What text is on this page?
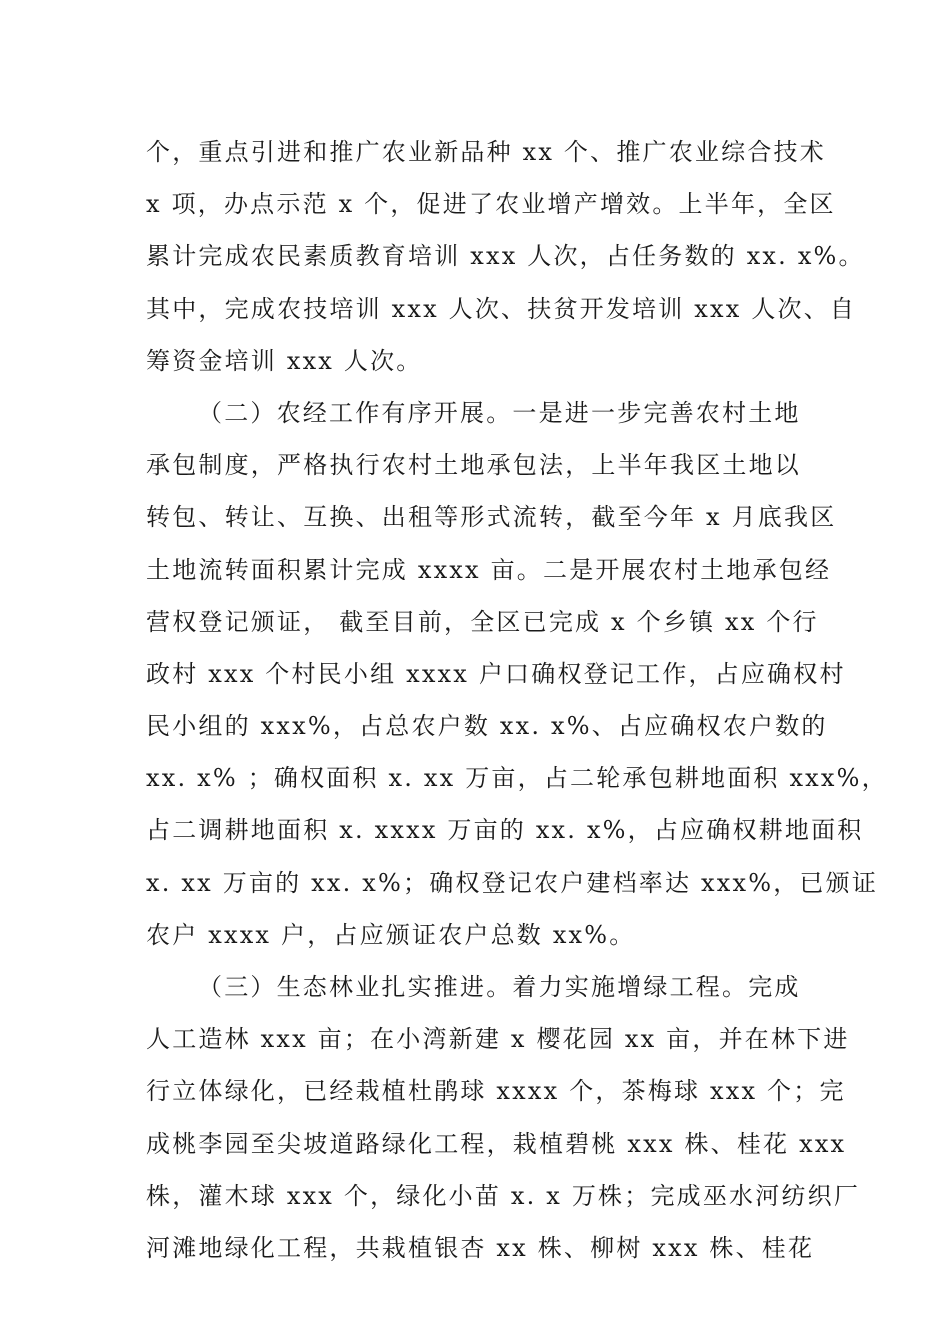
个，重点引进和推广农业新品种 xx 个、推广农业综合技术
x 项，办点示范 x 个，促进了农业增产增效。上半年，全区
累计完成农民素质教育培训 xxx 人次，占任务数的 xx. x%。
其中，完成农技培训 xxx 人次、扶贫开发培训 xxx 人次、自
筹资金培训 xxx 人次。
（二）农经工作有序开展。一是进一步完善农村土地
承包制度，严格执行农村土地承包法，上半年我区土地以
转包、转让、互换、出租等形式流转，截至今年 x 月底我区
土地流转面积累计完成 xxxx 亩。二是开展农村土地承包经
营权登记颁证， 截至目前，全区已完成 x 个乡镇 xx 个行
政村 xxx 个村民小组 xxxx 户口确权登记工作，占应确权村
民小组的 xxx%，占总农户数 xx. x%、占应确权农户数的
xx. x% ；确权面积 x. xx 万亩，占二轮承包耕地面积 xxx%，
占二调耕地面积 x. xxxx 万亩的 xx. x%，占应确权耕地面积
x. xx 万亩的 xx. x%；确权登记农户建档率达 xxx%，已颁证
农户 xxxx 户，占应颁证农户总数 xx%。
（三）生态林业扎实推进。着力实施增绿工程。完成
人工造林 xxx 亩；在小湾新建 x 樱花园 xx 亩，并在林下进
行立体绿化，已经栽植杜鹃球 xxxx 个，茶梅球 xxx 个；完
成桃李园至尖坡道路绿化工程，栽植碧桃 xxx 株、桂花 xxx
株，灌木球 xxx 个，绿化小苗 x. x 万株；完成巫水河纺织厂
河滩地绿化工程，共栽植银杏 xx 株、柳树 xxx 株、桂花
